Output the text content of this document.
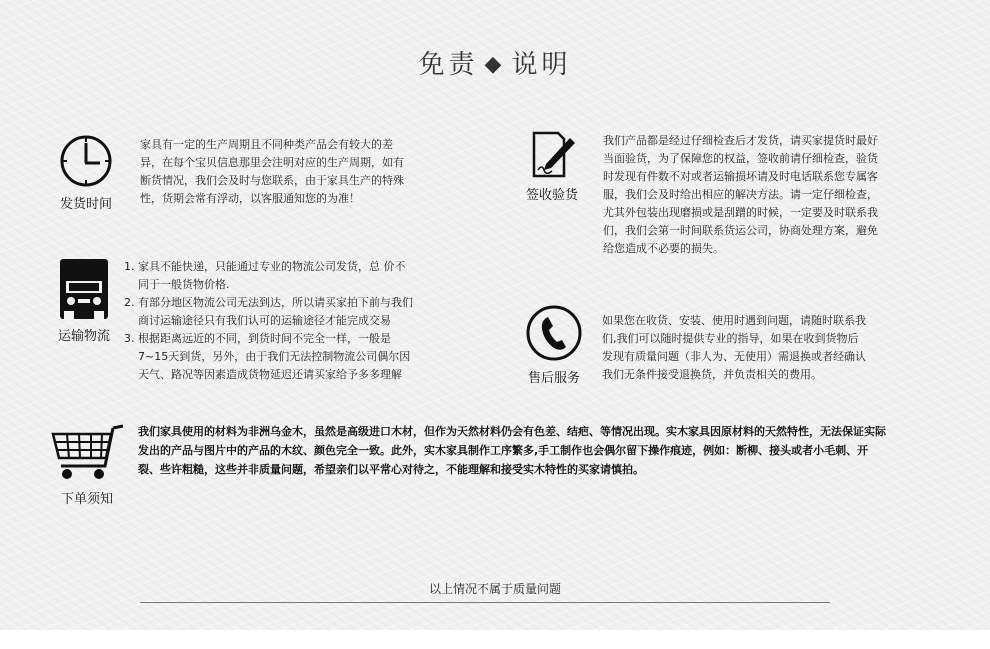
免责 ◆ 说明
发货时间

家具有一定的生产周期且不同种类产品会有较大的差异，在每个宝贝信息那里会注明对应的生产周期，如有断货情况，我们会及时与您联系，由于家具生产的特殊性，货期会常有浮动，以客服通知您的为准！	签收验货

我们产品都是经过仔细检查后才发货，请买家提货时最好当面验货，为了保障您的权益，签收前请仔细检查，验货时发现有件数不对或者运输损坏请及时电话联系您专属客服，我们会及时给出相应的解决方法。请一定仔细检查，尤其外包装出现磨损或是刮蹭的时候，一定要及时联系我们，我们会第一时间联系货运公司，协商处理方案，避免给您造成不必要的损失。

运输物流
1. 家具不能快递，只能通过专业的物流公司发货，总 价不同于一般货物价格.
2. 有部分地区物流公司无法到达，所以请买家拍下前与我们商讨运输途径只有我们认可的运输途径才能完成交易
3. 根据距离远近的不同，到货时间不完全一样，一般是7~15天到货，另外，由于我们无法控制物流公司偶尔因天气、路况等因素造成货物延迟还请买家给予多多理解	售后服务

如果您在收货、安装、使用时遇到问题，请随时联系我们,我们可以随时提供专业的指导，如果在收到货物后发现有质量问题（非人为、无使用）需退换或者经确认我们无条件接受退换货，并负责相关的费用。

下单须知

我们家具使用的材料为非洲乌金木，虽然是高级进口木材，但作为天然材料仍会有色差、结疤、等情况出现。实木家具因原材料的天然特性，无法保证实际发出的产品与图片中的产品的木纹、颜色完全一致。此外，实木家具制作工序繁多,手工制作也会偶尔留下操作痕迹，例如：断柳、接头或者小毛刺、开裂、些许粗糙，这些并非质量问题，希望亲们以平常心对待之，不能理解和接受实木特性的买家请慎拍。

以上情况不属于质量问题
